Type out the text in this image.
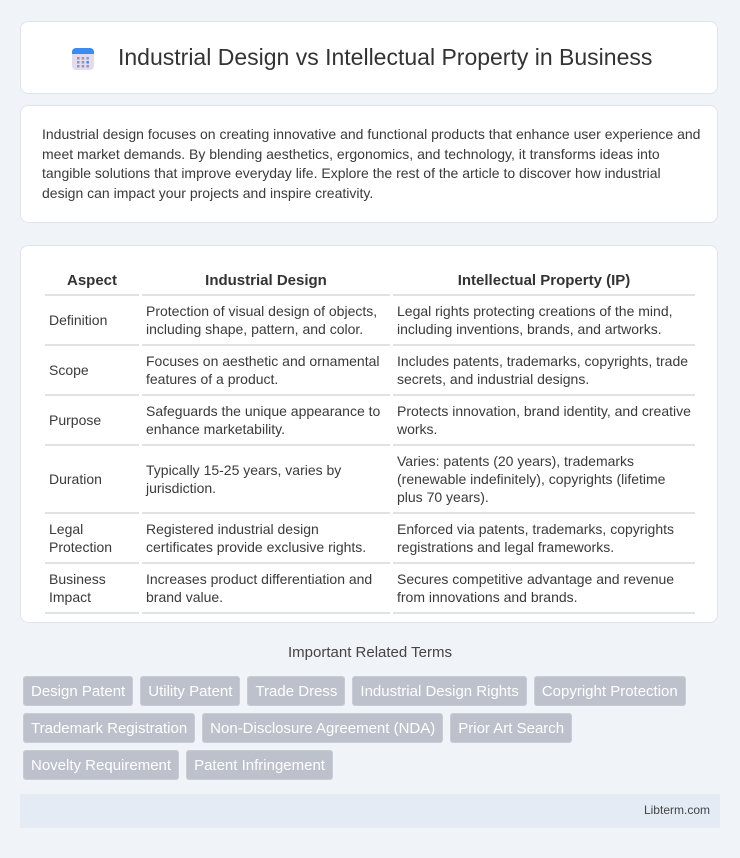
Industrial Design vs Intellectual Property in Business

Industrial design focuses on creating innovative and functional products that enhance user experience and meet market demands. By blending aesthetics, ergonomics, and technology, it transforms ideas into tangible solutions that improve everyday life. Explore the rest of the article to discover how industrial design can impact your projects and inspire creativity.

Aspect	Industrial Design	Intellectual Property (IP)
Definition	Protection of visual design of objects, including shape, pattern, and color.	Legal rights protecting creations of the mind, including inventions, brands, and artworks.
Scope	Focuses on aesthetic and ornamental features of a product.	Includes patents, trademarks, copyrights, trade secrets, and industrial designs.
Purpose	Safeguards the unique appearance to enhance marketability.	Protects innovation, brand identity, and creative works.
Duration	Typically 15-25 years, varies by jurisdiction.	Varies: patents (20 years), trademarks (renewable indefinitely), copyrights (lifetime plus 70 years).
Legal Protection	Registered industrial design certificates provide exclusive rights.	Enforced via patents, trademarks, copyrights registrations and legal frameworks.
Business Impact	Increases product differentiation and brand value.	Secures competitive advantage and revenue from innovations and brands.
Important Related Terms
Design Patent	Utility Patent	Trade Dress	Industrial Design Rights	Copyright Protection
Trademark Registration	Non-Disclosure Agreement (NDA)	Prior Art Search
Novelty Requirement	Patent Infringement
Libterm.com
